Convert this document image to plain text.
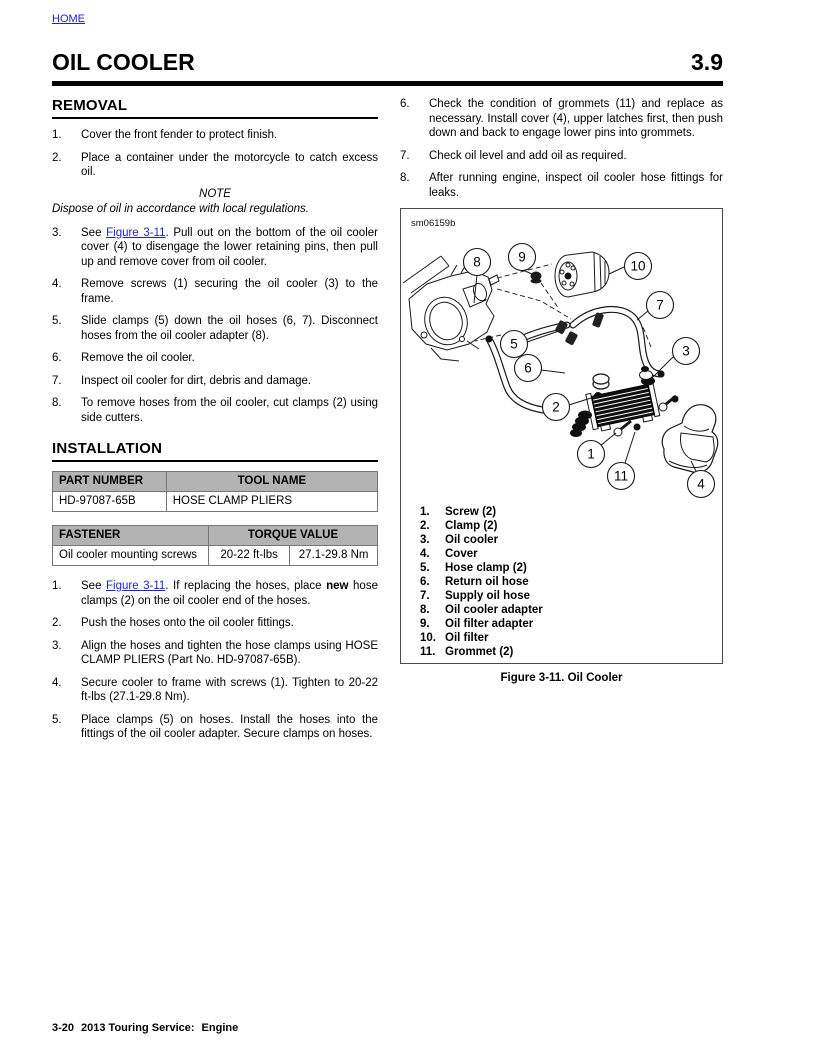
HOME
OIL COOLER	3.9
REMOVAL
1.	Cover the front fender to protect finish.
2.	Place a container under the motorcycle to catch excess oil.
NOTE
Dispose of oil in accordance with local regulations.
3.	See Figure 3-11. Pull out on the bottom of the oil cooler cover (4) to disengage the lower retaining pins, then pull up and remove cover from oil cooler.
4.	Remove screws (1) securing the oil cooler (3) to the frame.
5.	Slide clamps (5) down the oil hoses (6, 7). Disconnect hoses from the oil cooler adapter (8).
6.	Remove the oil cooler.
7.	Inspect oil cooler for dirt, debris and damage.
8.	To remove hoses from the oil cooler, cut clamps (2) using side cutters.
INSTALLATION
PART NUMBER	TOOL NAME
HD-97087-65B	HOSE CLAMP PLIERS
FASTENER	TORQUE VALUE	
Oil cooler mounting screws	20-22 ft-lbs	27.1-29.8 Nm
1.	See Figure 3-11. If replacing the hoses, place new hose clamps (2) on the oil cooler end of the hoses.
2.	Push the hoses onto the oil cooler fittings.
3.	Align the hoses and tighten the hose clamps using HOSE CLAMP PLIERS (Part No. HD-97087-65B).
4.	Secure cooler to frame with screws (1). Tighten to 20-22 ft-lbs (27.1-29.8 Nm).
5.	Place clamps (5) on hoses. Install the hoses into the fittings of the oil cooler adapter. Secure clamps on hoses.
6.	Check the condition of grommets (11) and replace as necessary. Install cover (4), upper latches first, then push down and back to engage lower pins into grommets.
7.	Check oil level and add oil as required.
8.	After running engine, inspect oil cooler hose fittings for leaks.
sm06159b
8	9
10
7
5
6
3
2
1
11
4
1.	Screw (2)
2.	Clamp (2)
3.	Oil cooler
4.	Cover
5.	Hose clamp (2)
6.	Return oil hose
7.	Supply oil hose
8.	Oil cooler adapter
9.	Oil filter adapter
10. Oil filter
11. Grommet (2)
Figure 3-11. Oil Cooler
3-20 2013 Touring Service: Engine
